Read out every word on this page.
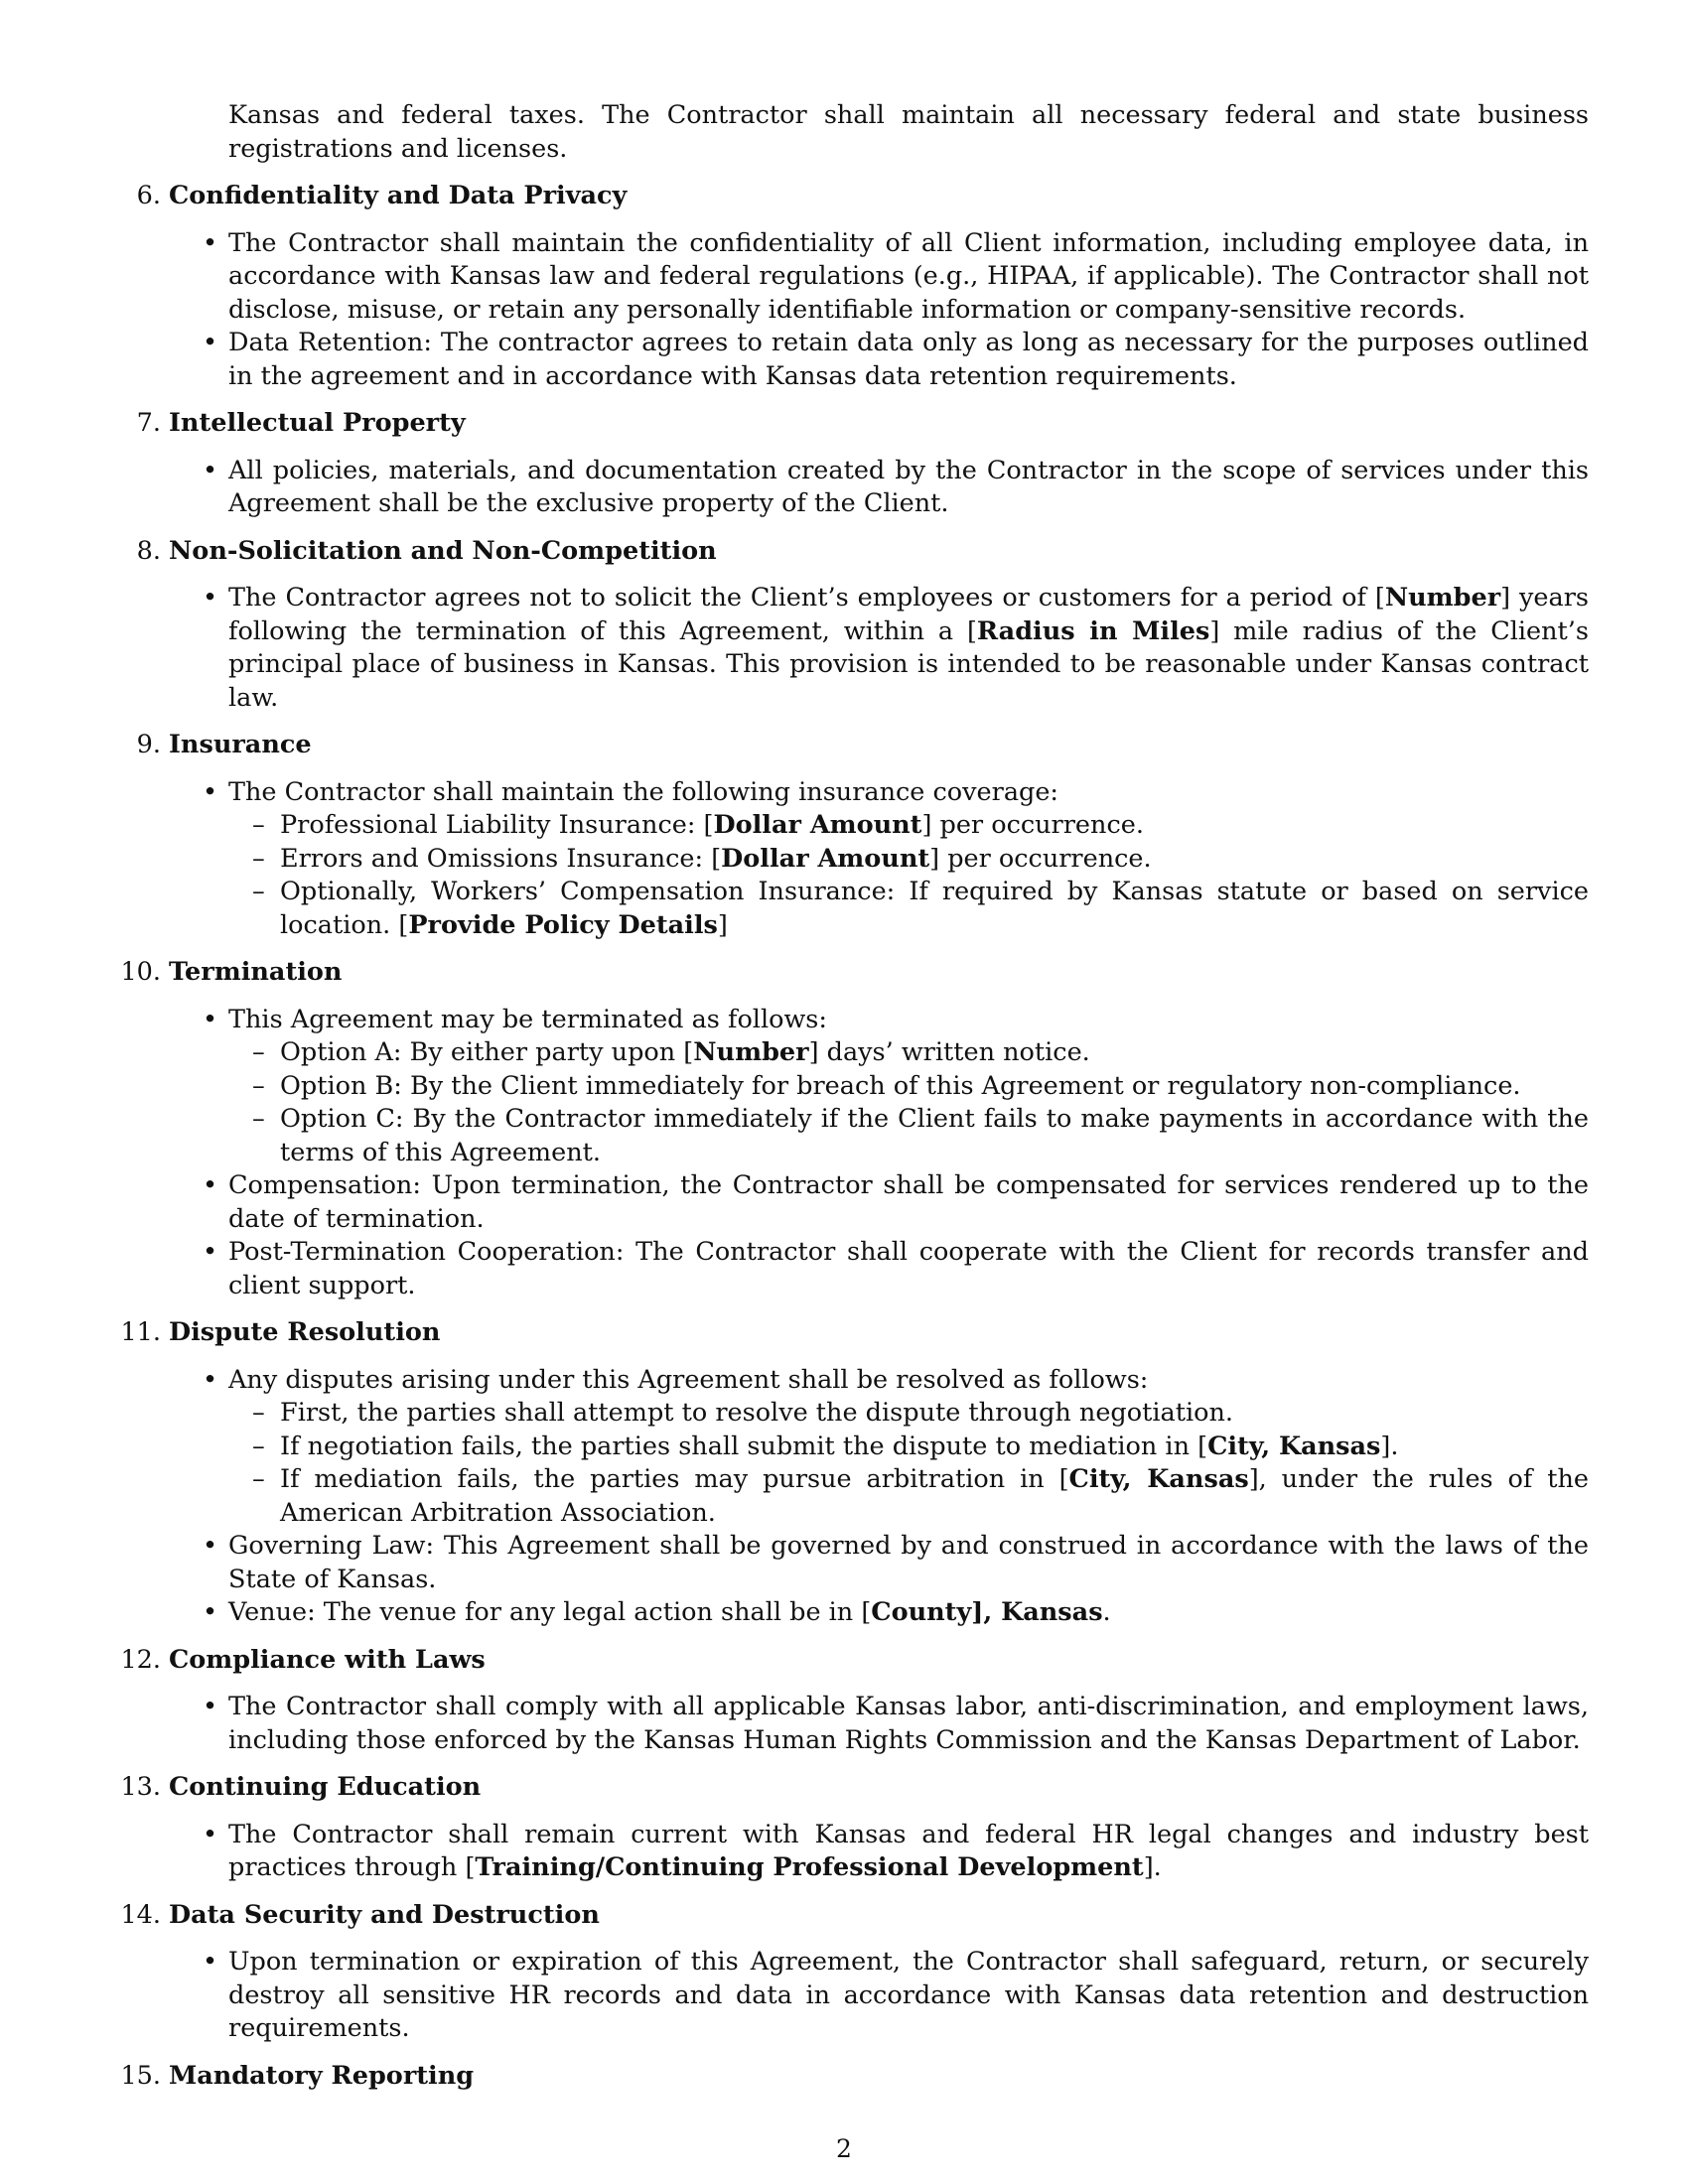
Kansas and federal taxes. The Contractor shall maintain all necessary federal and state business registrations and licenses.

6. Confidentiality and Data Privacy

• The Contractor shall maintain the confidentiality of all Client information, including employee data, in accordance with Kansas law and federal regulations (e.g., HIPAA, if applicable). The Contractor shall not disclose, misuse, or retain any personally identifiable information or company-sensitive records.
• Data Retention: The contractor agrees to retain data only as long as necessary for the purposes outlined in the agreement and in accordance with Kansas data retention requirements.
7. Intellectual Property

• All policies, materials, and documentation created by the Contractor in the scope of services under this Agreement shall be the exclusive property of the Client.
8. Non-Solicitation and Non-Competition

• The Contractor agrees not to solicit the Client’s employees or customers for a period of [Number] years following the termination of this Agreement, within a [Radius in Miles] mile radius of the Client’s principal place of business in Kansas. This provision is intended to be reasonable under Kansas contract law.
9. Insurance

• The Contractor shall maintain the following insurance coverage:
– Professional Liability Insurance: [Dollar Amount] per occurrence.
– Errors and Omissions Insurance: [Dollar Amount] per occurrence.
– Optionally, Workers’ Compensation Insurance: If required by Kansas statute or based on service location. [Provide Policy Details]
10. Termination

• This Agreement may be terminated as follows:
– Option A: By either party upon [Number] days’ written notice.
– Option B: By the Client immediately for breach of this Agreement or regulatory non-compliance.
– Option C: By the Contractor immediately if the Client fails to make payments in accordance with the terms of this Agreement.
• Compensation: Upon termination, the Contractor shall be compensated for services rendered up to the date of termination.
• Post-Termination Cooperation: The Contractor shall cooperate with the Client for records transfer and client support.
11. Dispute Resolution

• Any disputes arising under this Agreement shall be resolved as follows:
– First, the parties shall attempt to resolve the dispute through negotiation.
– If negotiation fails, the parties shall submit the dispute to mediation in [City, Kansas].
– If mediation fails, the parties may pursue arbitration in [City, Kansas], under the rules of the American Arbitration Association.
• Governing Law: This Agreement shall be governed by and construed in accordance with the laws of the State of Kansas.
• Venue: The venue for any legal action shall be in [County], Kansas.
12. Compliance with Laws

• The Contractor shall comply with all applicable Kansas labor, anti-discrimination, and employment laws, including those enforced by the Kansas Human Rights Commission and the Kansas Department of Labor.
13. Continuing Education

• The Contractor shall remain current with Kansas and federal HR legal changes and industry best practices through [Training/Continuing Professional Development].
14. Data Security and Destruction

• Upon termination or expiration of this Agreement, the Contractor shall safeguard, return, or securely destroy all sensitive HR records and data in accordance with Kansas data retention and destruction requirements.
15. Mandatory Reporting

2
